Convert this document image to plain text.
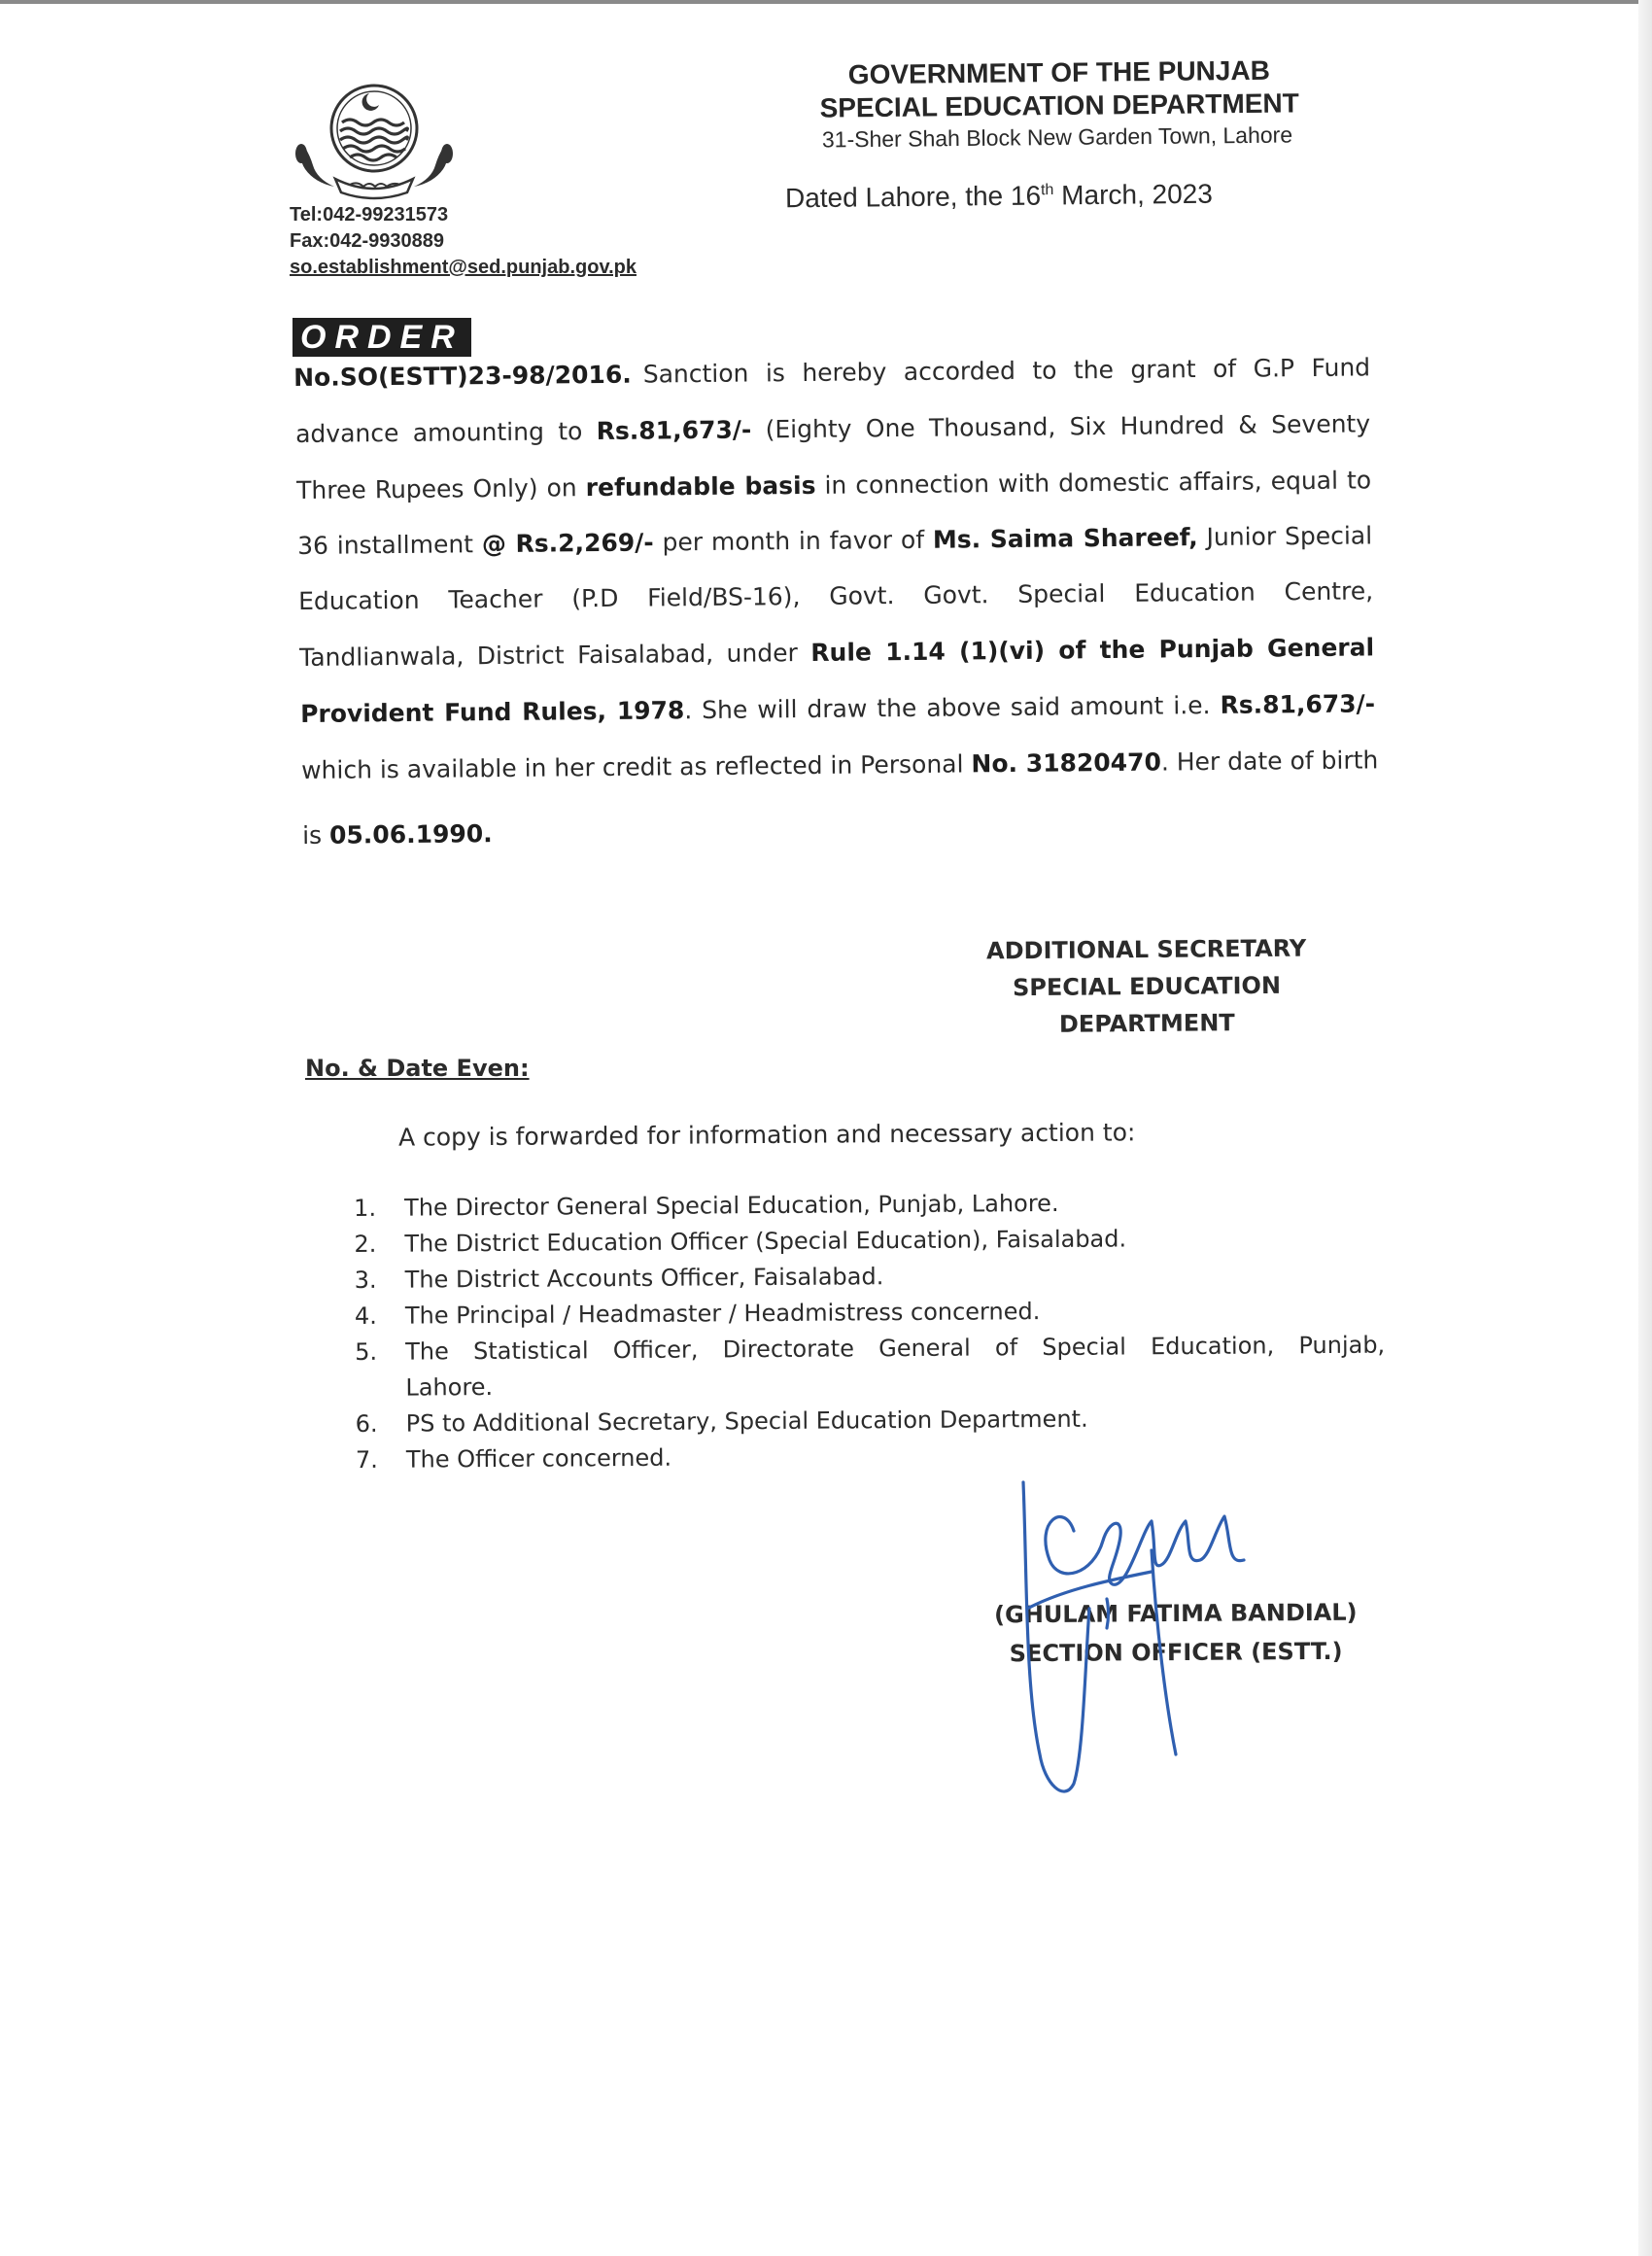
GOVERNMENT OF THE PUNJAB
SPECIAL EDUCATION DEPARTMENT
31-Sher Shah Block New Garden Town, Lahore
Dated Lahore, the 16th March, 2023
Tel:042-99231573
Fax:042-9930889
so.establishment@sed.punjab.gov.pk
ORDER
No.SO(ESTT)23-98/2016. Sanction is hereby accorded to the grant of G.P Fund
advance amounting to Rs.81,673/- (Eighty One Thousand, Six Hundred & Seventy
Three Rupees Only) on refundable basis in connection with domestic affairs, equal to
36 installment @ Rs.2,269/- per month in favor of Ms. Saima Shareef, Junior Special
Education Teacher (P.D Field/BS-16), Govt. Govt. Special Education Centre,
Tandlianwala, District Faisalabad, under Rule 1.14 (1)(vi) of the Punjab General
Provident Fund Rules, 1978. She will draw the above said amount i.e. Rs.81,673/-
which is available in her credit as reflected in Personal No. 31820470. Her date of birth
is 05.06.1990.
ADDITIONAL SECRETARY
SPECIAL EDUCATION
DEPARTMENT
No. & Date Even:
A copy is forwarded for information and necessary action to:
1.	The Director General Special Education, Punjab, Lahore.
2.	The District Education Officer (Special Education), Faisalabad.
3.	The District Accounts Officer, Faisalabad.
4.	The Principal / Headmaster / Headmistress concerned.
5.	The Statistical Officer, Directorate General of Special Education, Punjab,
Lahore.
6.	PS to Additional Secretary, Special Education Department.
7.	The Officer concerned.
(GHULAM FATIMA BANDIAL)
SECTION OFFICER (ESTT.)
